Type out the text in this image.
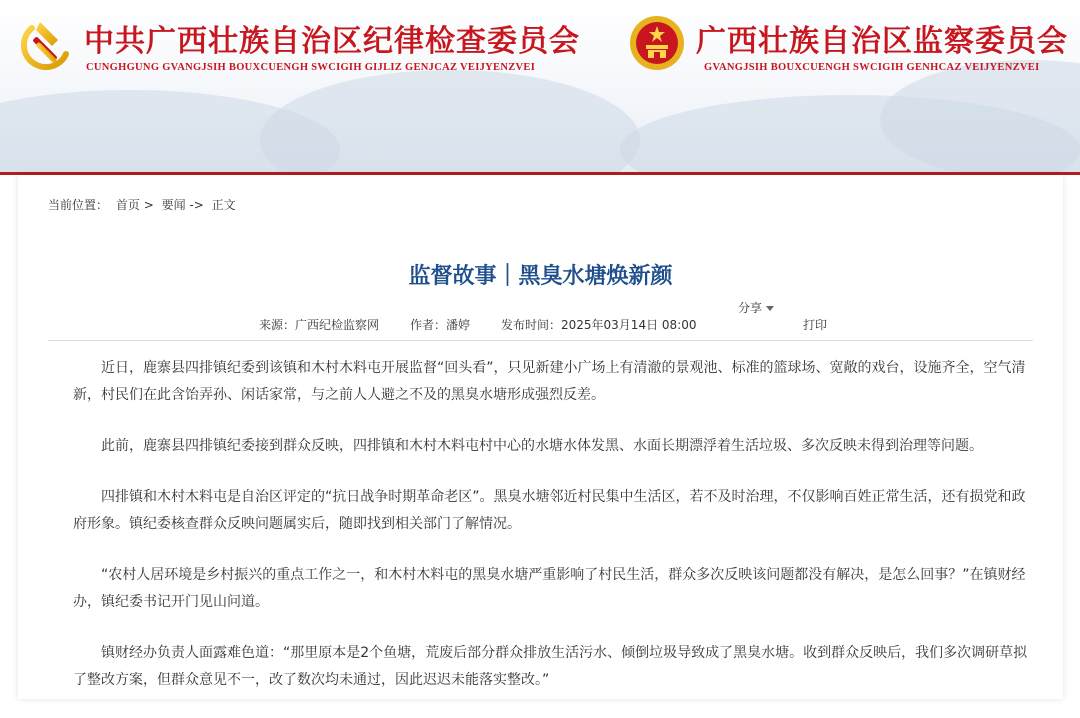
中共广西壮族自治区纪律检查委员会
CUNGHGUNG GVANGJSIH BOUXCUENGH SWCIGIH GIJLIZ GENJCAZ VEIJYENZVEI
广西壮族自治区监察委员会
GVANGJSIH BOUXCUENGH SWCIGIH GENHCAZ VEIJYENZVEI
当前位置： 首页 > 要闻 -> 正文
监督故事｜黑臭水塘焕新颜
分享
来源：广西纪检监察网	作者：潘婷	发布时间：2025年03月14日 08:00	打印

近日，鹿寨县四排镇纪委到该镇和木村木料屯开展监督“回头看”，只见新建小广场上有清澈的景观池、标准的篮球场、宽敞的戏台，设施齐全，空气清新，村民们在此含饴弄孙、闲话家常，与之前人人避之不及的黑臭水塘形成强烈反差。

此前，鹿寨县四排镇纪委接到群众反映，四排镇和木村木料屯村中心的水塘水体发黑、水面长期漂浮着生活垃圾、多次反映未得到治理等问题。

四排镇和木村木料屯是自治区评定的“抗日战争时期革命老区”。黑臭水塘邻近村民集中生活区，若不及时治理，不仅影响百姓正常生活，还有损党和政府形象。镇纪委核查群众反映问题属实后，随即找到相关部门了解情况。

“农村人居环境是乡村振兴的重点工作之一，和木村木料屯的黑臭水塘严重影响了村民生活，群众多次反映该问题都没有解决，是怎么回事？”在镇财经办，镇纪委书记开门见山问道。

镇财经办负责人面露难色道：“那里原本是2个鱼塘，荒废后部分群众排放生活污水、倾倒垃圾导致成了黑臭水塘。收到群众反映后，我们多次调研草拟了整改方案，但群众意见不一，改了数次均未通过，因此迟迟未能落实整改。”
